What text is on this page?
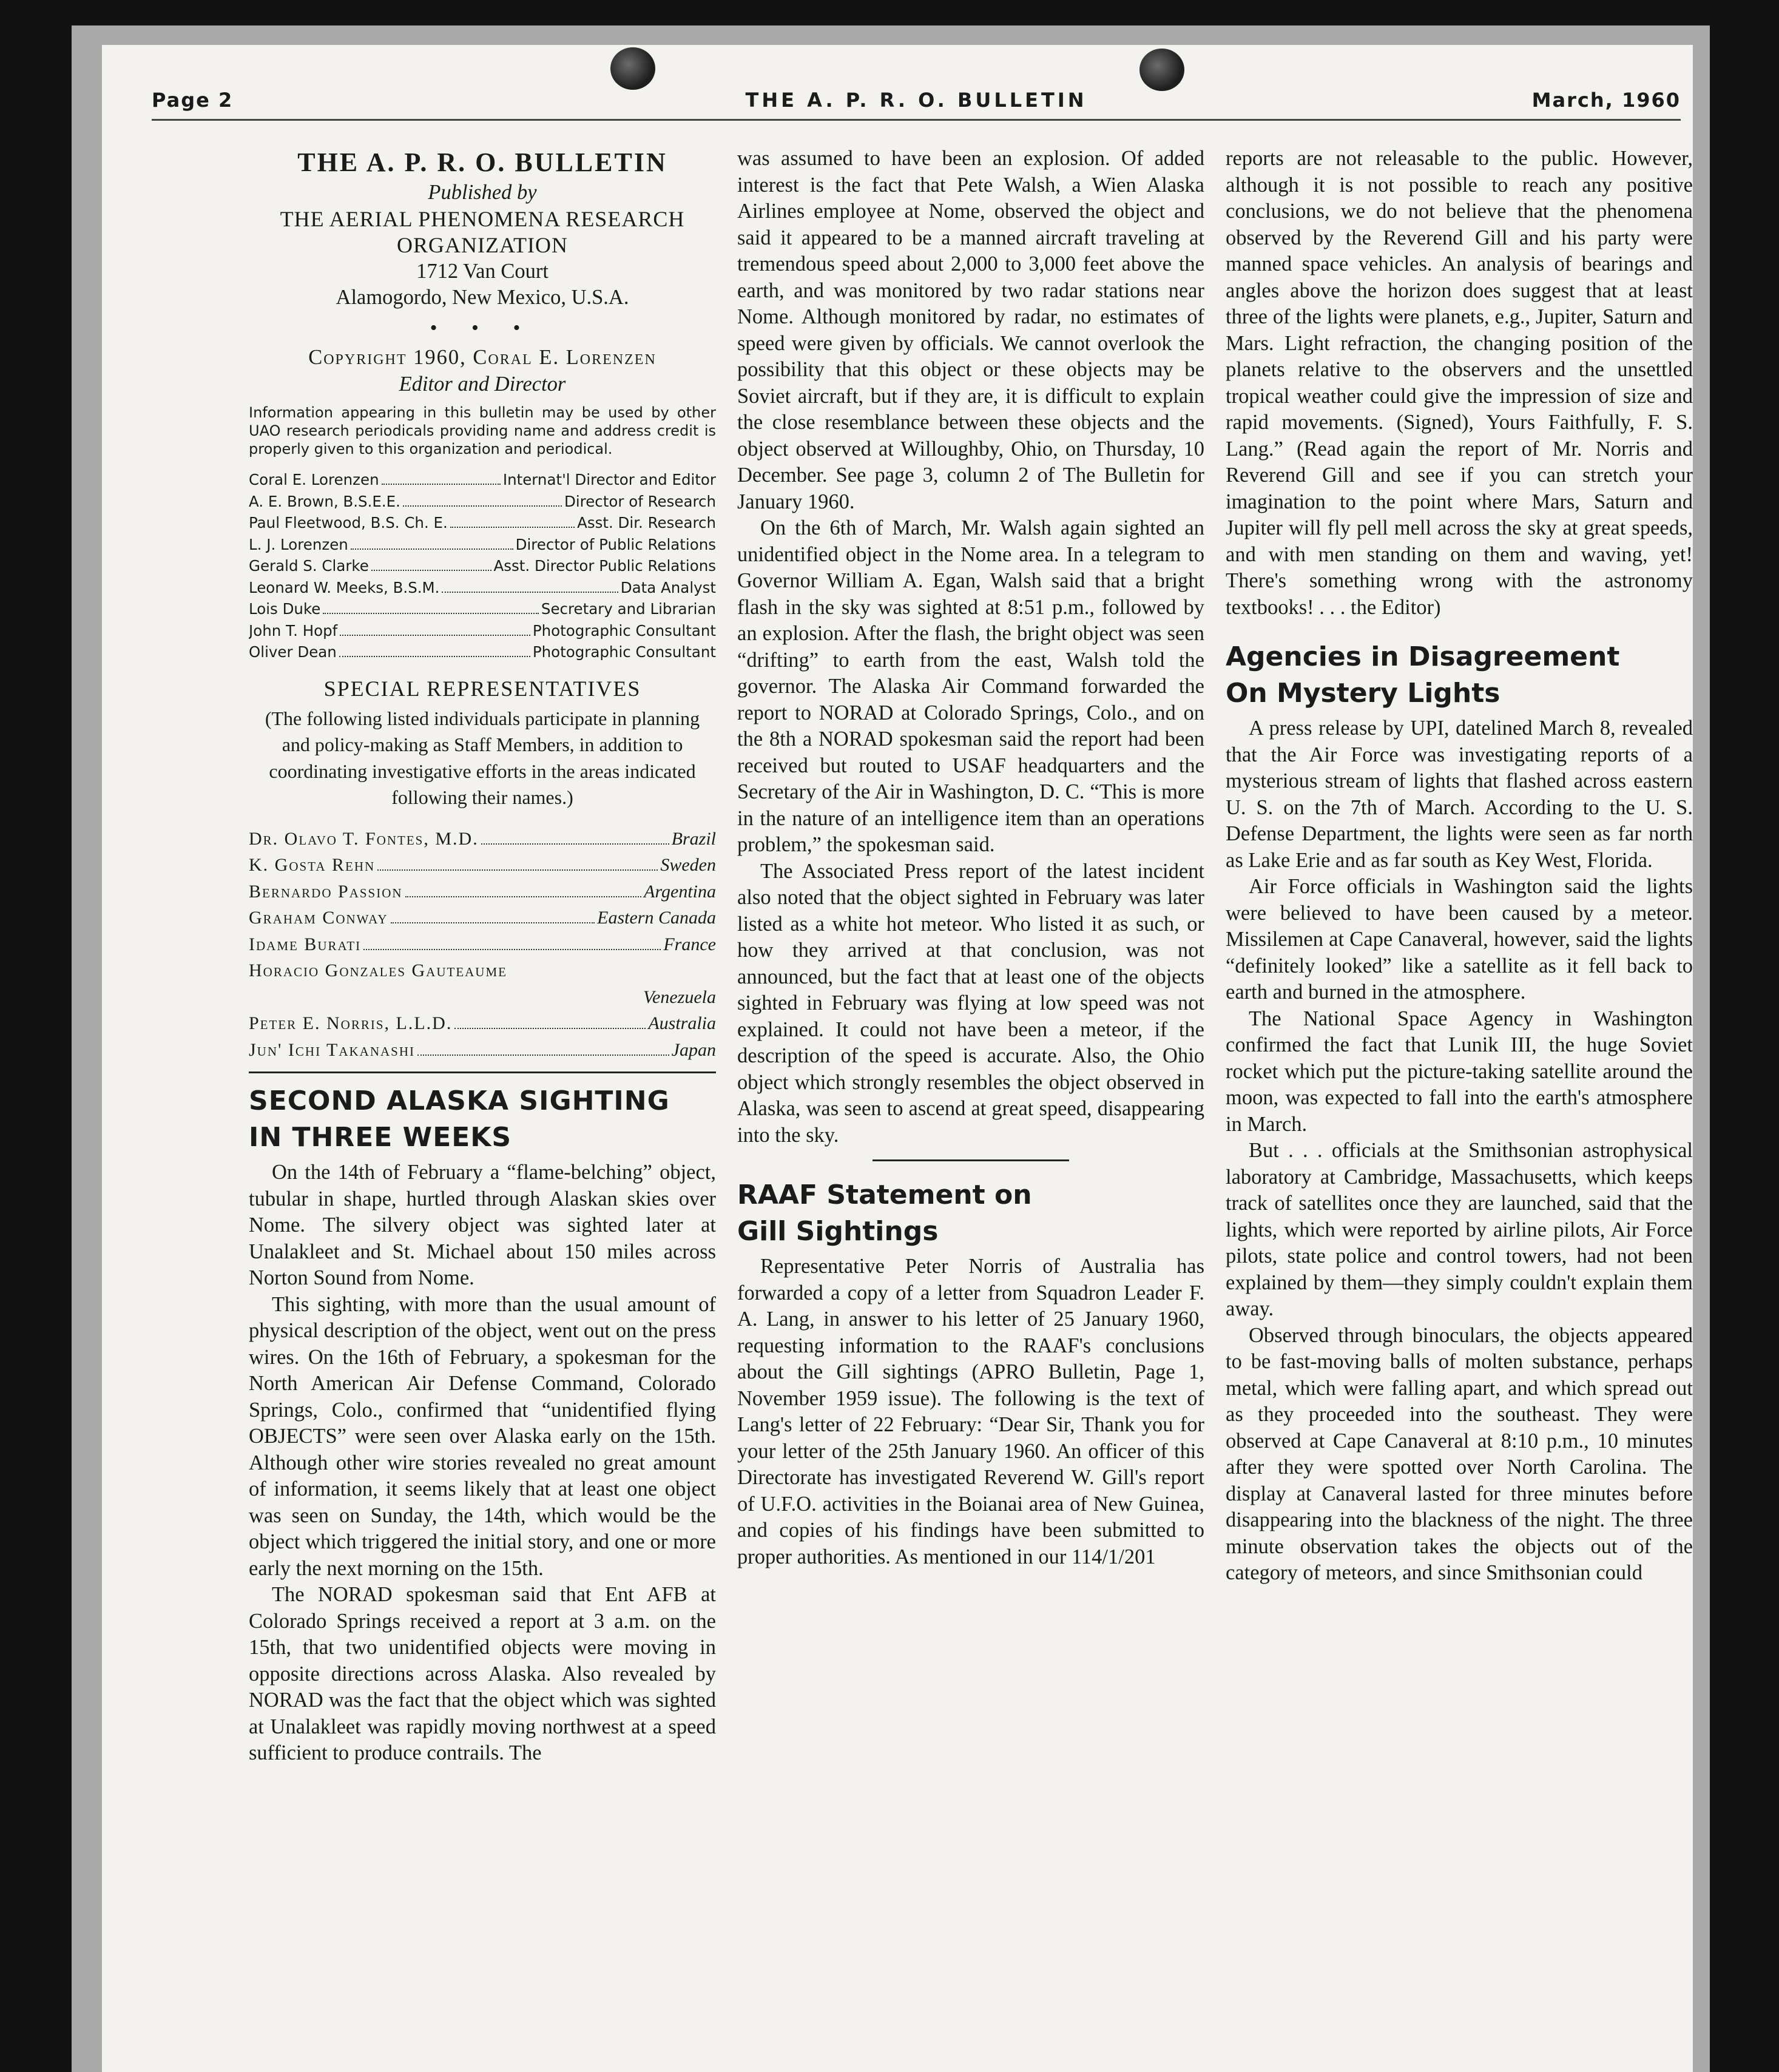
Page 2	THE A. P. R. O. BULLETIN	March, 1960
THE A. P. R. O. BULLETIN
Published by
THE AERIAL PHENOMENA RESEARCH
ORGANIZATION
1712 Van Court
Alamogordo, New Mexico, U.S.A.
• • •
Copyright 1960, Coral E. Lorenzen
Editor and Director
Information appearing in this bulletin may be used by other UAO research periodicals providing name and address credit is properly given to this organization and periodical.
Coral E. Lorenzen	Internat'l Director and Editor
A. E. Brown, B.S.E.E.	Director of Research
Paul Fleetwood, B.S. Ch. E.	Asst. Dir. Research
L. J. Lorenzen	Director of Public Relations
Gerald S. Clarke	Asst. Director Public Relations
Leonard W. Meeks, B.S.M.	Data Analyst
Lois Duke	Secretary and Librarian
John T. Hopf	Photographic Consultant
Oliver Dean	Photographic Consultant
SPECIAL REPRESENTATIVES
(The following listed individuals participate in planning and policy-making as Staff Members, in addition to coordinating investigative efforts in the areas indicated following their names.)
Dr. Olavo T. Fontes, M.D.	Brazil
K. Gosta Rehn	Sweden
Bernardo Passion	Argentina
Graham Conway	Eastern Canada
Idame Burati	France
Horacio Gonzales Gauteaume
Venezuela
Peter E. Norris, L.L.D.	Australia
Jun' Ichi Takanashi	Japan
SECOND ALASKA SIGHTING
IN THREE WEEKS

On the 14th of February a “flame-belching” object, tubular in shape, hurtled through Alaskan skies over Nome. The silvery object was sighted later at Unalakleet and St. Michael about 150 miles across Norton Sound from Nome.

This sighting, with more than the usual amount of physical description of the object, went out on the press wires. On the 16th of February, a spokesman for the North American Air Defense Command, Colorado Springs, Colo., confirmed that “unidentified flying OBJECTS” were seen over Alaska early on the 15th. Although other wire stories revealed no great amount of information, it seems likely that at least one object was seen on Sunday, the 14th, which would be the object which triggered the initial story, and one or more early the next morning on the 15th.

The NORAD spokesman said that Ent AFB at Colorado Springs received a report at 3 a.m. on the 15th, that two unidentified objects were moving in opposite directions across Alaska. Also revealed by NORAD was the fact that the object which was sighted at Unalakleet was rapidly moving northwest at a speed sufficient to produce contrails. The

was assumed to have been an explosion. Of added interest is the fact that Pete Walsh, a Wien Alaska Airlines employee at Nome, observed the object and said it appeared to be a manned aircraft traveling at tremendous speed about 2,000 to 3,000 feet above the earth, and was monitored by two radar stations near Nome. Although monitored by radar, no estimates of speed were given by officials. We cannot overlook the possibility that this object or these objects may be Soviet aircraft, but if they are, it is difficult to explain the close resemblance between these objects and the object observed at Willoughby, Ohio, on Thursday, 10 December. See page 3, column 2 of The Bulletin for January 1960.

On the 6th of March, Mr. Walsh again sighted an unidentified object in the Nome area. In a telegram to Governor William A. Egan, Walsh said that a bright flash in the sky was sighted at 8:51 p.m., followed by an explosion. After the flash, the bright object was seen “drifting” to earth from the east, Walsh told the governor. The Alaska Air Command forwarded the report to NORAD at Colorado Springs, Colo., and on the 8th a NORAD spokesman said the report had been received but routed to USAF headquarters and the Secretary of the Air in Washington, D. C. “This is more in the nature of an intelligence item than an operations problem,” the spokesman said.

The Associated Press report of the latest incident also noted that the object sighted in February was later listed as a white hot meteor. Who listed it as such, or how they arrived at that conclusion, was not announced, but the fact that at least one of the objects sighted in February was flying at low speed was not explained. It could not have been a meteor, if the description of the speed is accurate. Also, the Ohio object which strongly resembles the object observed in Alaska, was seen to ascend at great speed, disappearing into the sky.

RAAF Statement on
Gill Sightings

Representative Peter Norris of Australia has forwarded a copy of a letter from Squadron Leader F. A. Lang, in answer to his letter of 25 January 1960, requesting information to the RAAF's conclusions about the Gill sightings (APRO Bulletin, Page 1, November 1959 issue). The following is the text of Lang's letter of 22 February: “Dear Sir, Thank you for your letter of the 25th January 1960. An officer of this Directorate has investigated Reverend W. Gill's report of U.F.O. activities in the Boianai area of New Guinea, and copies of his findings have been submitted to proper authorities. As mentioned in our 114/1/201

reports are not releasable to the public. However, although it is not possible to reach any positive conclusions, we do not believe that the phenomena observed by the Reverend Gill and his party were manned space vehicles. An analysis of bearings and angles above the horizon does suggest that at least three of the lights were planets, e.g., Jupiter, Saturn and Mars. Light refraction, the changing position of the planets relative to the observers and the unsettled tropical weather could give the impression of size and rapid movements. (Signed), Yours Faithfully, F. S. Lang.” (Read again the report of Mr. Norris and Reverend Gill and see if you can stretch your imagination to the point where Mars, Saturn and Jupiter will fly pell mell across the sky at great speeds, and with men standing on them and waving, yet! There's something wrong with the astronomy textbooks! . . . the Editor)

Agencies in Disagreement
On Mystery Lights

A press release by UPI, datelined March 8, revealed that the Air Force was investigating reports of a mysterious stream of lights that flashed across eastern U. S. on the 7th of March. According to the U. S. Defense Department, the lights were seen as far north as Lake Erie and as far south as Key West, Florida.

Air Force officials in Washington said the lights were believed to have been caused by a meteor. Missilemen at Cape Canaveral, however, said the lights “definitely looked” like a satellite as it fell back to earth and burned in the atmosphere.

The National Space Agency in Washington confirmed the fact that Lunik III, the huge Soviet rocket which put the picture-taking satellite around the moon, was expected to fall into the earth's atmosphere in March.

But . . . officials at the Smithsonian astrophysical laboratory at Cambridge, Massachusetts, which keeps track of satellites once they are launched, said that the lights, which were reported by airline pilots, Air Force pilots, state police and control towers, had not been explained by them—they simply couldn't explain them away.

Observed through binoculars, the objects appeared to be fast-moving balls of molten substance, perhaps metal, which were falling apart, and which spread out as they proceeded into the southeast. They were observed at Cape Canaveral at 8:10 p.m., 10 minutes after they were spotted over North Carolina. The display at Canaveral lasted for three minutes before disappearing into the blackness of the night. The three minute observation takes the objects out of the category of meteors, and since Smithsonian could
